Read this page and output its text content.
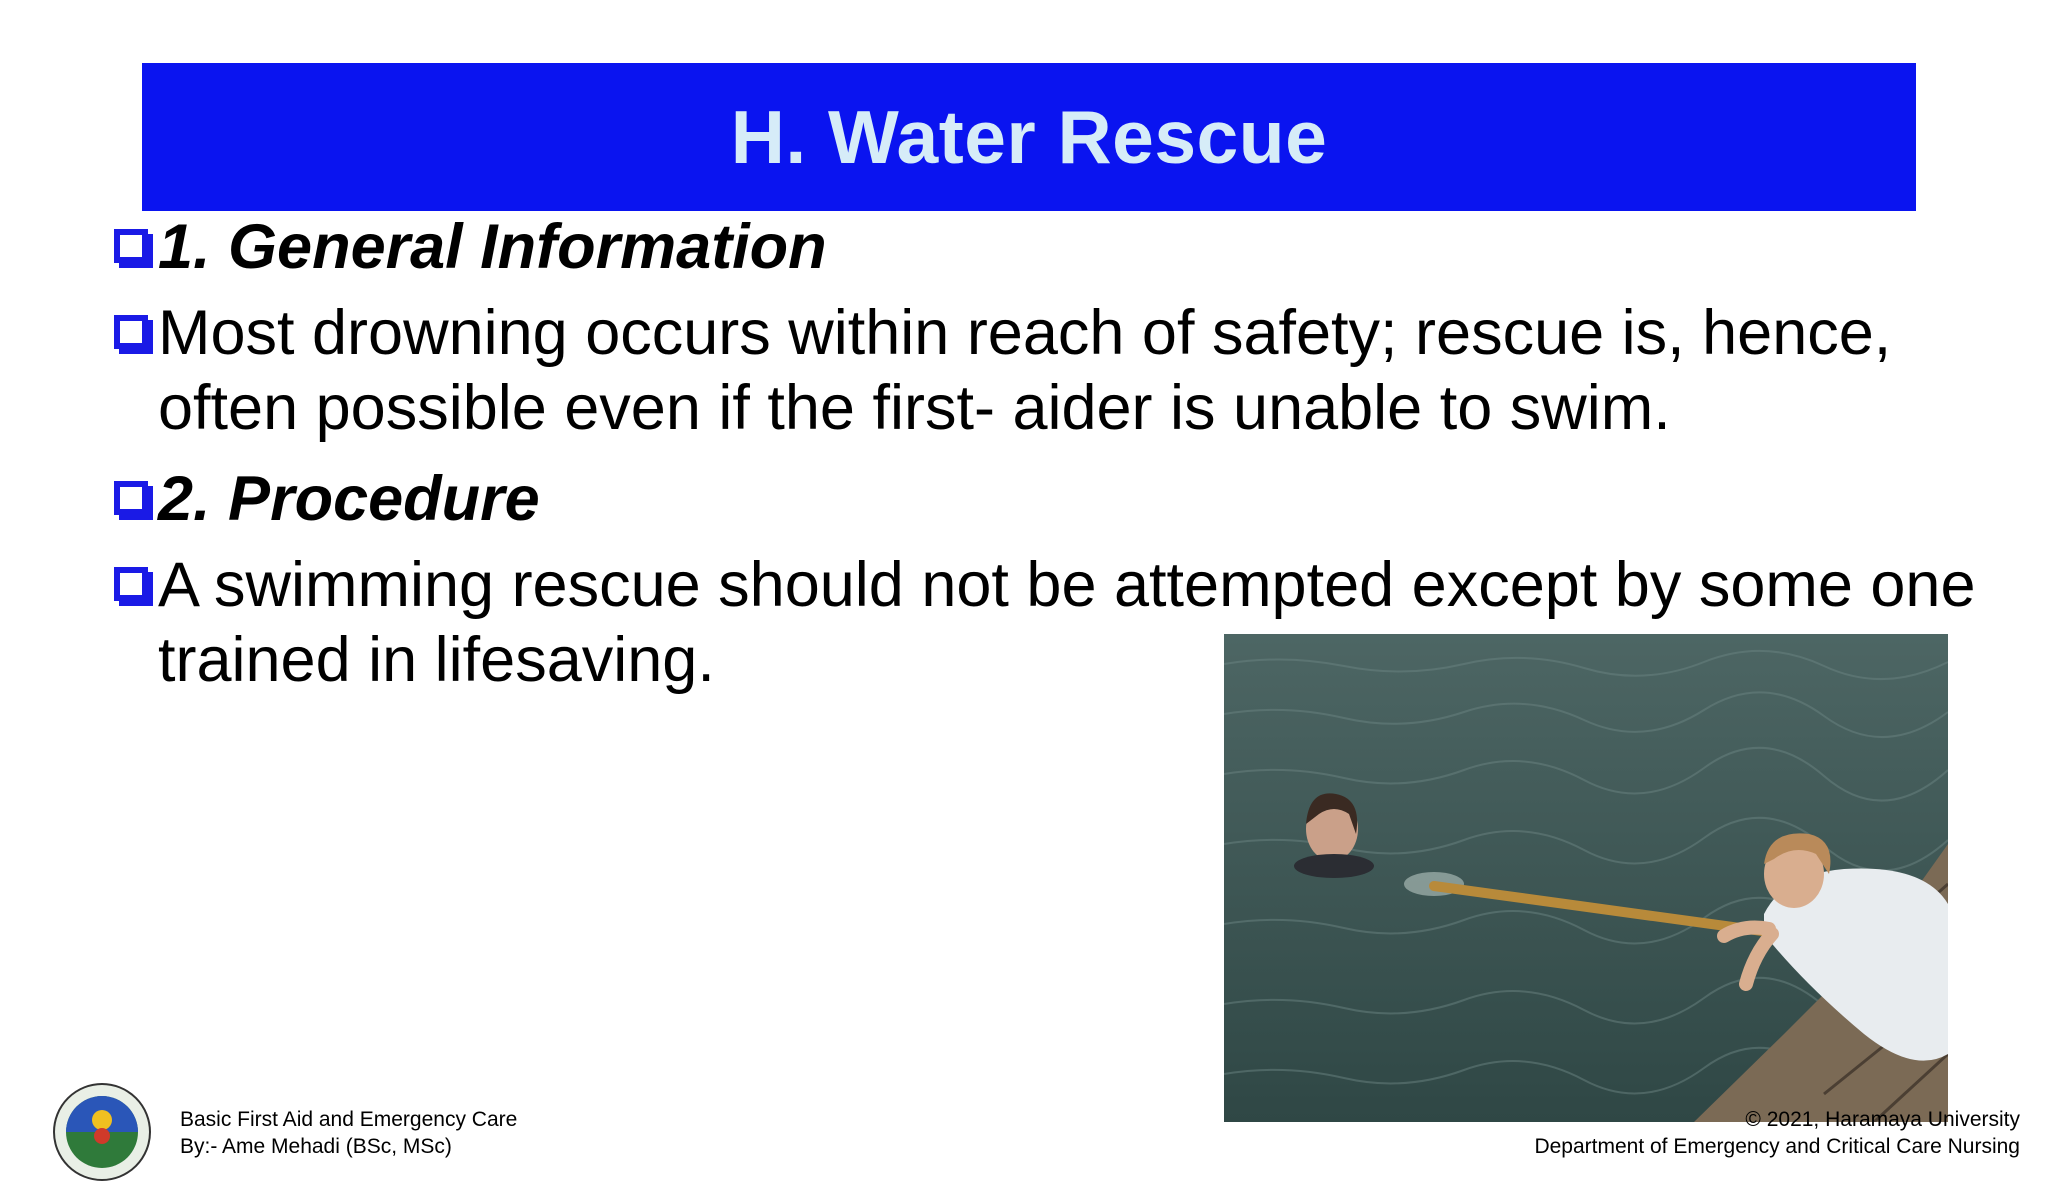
H. Water Rescue
1. General Information
Most drowning occurs within reach of safety; rescue is, hence, often possible even if the first- aider is unable to swim.
2. Procedure
A swimming rescue should not be attempted except by some one trained in lifesaving.
Basic First Aid and Emergency Care
By:- Ame Mehadi (BSc, MSc)
© 2021, Haramaya University
Department of Emergency and Critical Care Nursing
